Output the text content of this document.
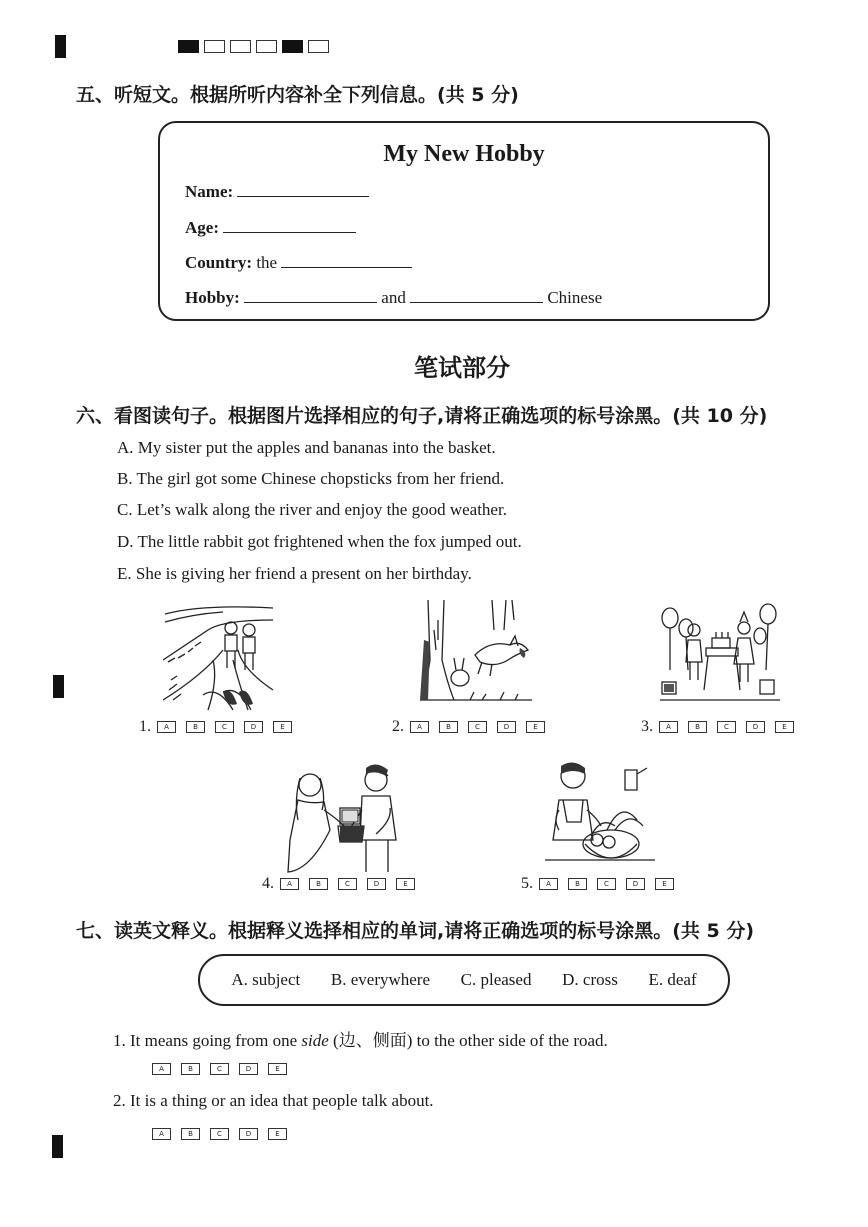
五、听短文。根据所听内容补全下列信息。(共 5 分)
My New Hobby
Name:
Age:
Country: the
Hobby:	and	Chinese
笔试部分
六、看图读句子。根据图片选择相应的句子,请将正确选项的标号涂黑。(共 10 分)
A. My sister put the apples and bananas into the basket.
B. The girl got some Chinese chopsticks from her friend.
C. Let’s walk along the river and enjoy the good weather.
D. The little rabbit got frightened when the fox jumped out.
E. She is giving her friend a present on her birthday.
1.	A	B	C	D	E	2.	A	B	C	D	E	3.	A	B	C	D	E
4.	A	B	C	D	E	5.	A	B	C	D	E
七、读英文释义。根据释义选择相应的单词,请将正确选项的标号涂黑。(共 5 分)
A. subject B. everywhere C. pleased D. cross E. deaf
1. It means going from one side (边、侧面) to the other side of the road.
A	B	C	D	E
2. It is a thing or an idea that people talk about.
A	B	C	D	E
